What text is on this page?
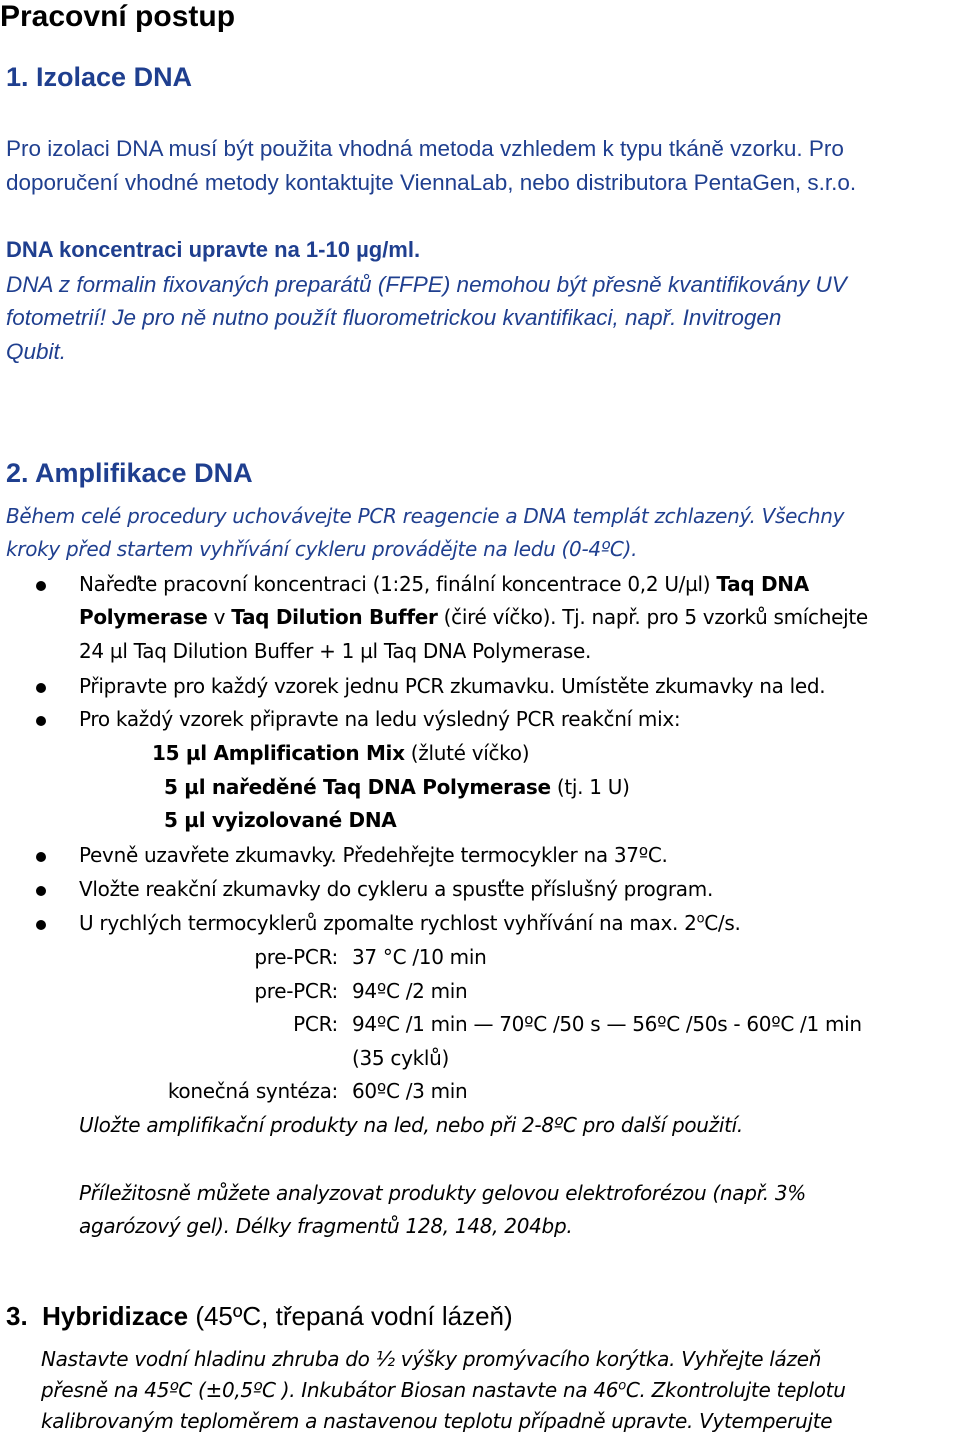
Pracovní postup
1. Izolace DNA
Pro izolaci DNA musí být použita vhodná metoda vzhledem k typu tkáně vzorku. Pro
doporučení vhodné metody kontaktujte ViennaLab, nebo distributora PentaGen, s.r.o.
DNA koncentraci upravte na 1-10 µg/ml.
DNA z formalin fixovaných preparátů (FFPE) nemohou být přesně kvantifikovány UV
fotometrií! Je pro ně nutno použít fluorometrickou kvantifikaci, např. Invitrogen
Qubit.
2. Amplifikace DNA
Během celé procedury uchovávejte PCR reagencie a DNA templát zchlazený. Všechny
kroky před startem vyhřívání cykleru provádějte na ledu (0-4ºC).
Nařeďte pracovní koncentraci (1:25, finální koncentrace 0,2 U/µl) Taq DNA
Polymerase v Taq Dilution Buffer (čiré víčko). Tj. např. pro 5 vzorků smíchejte
24 µl Taq Dilution Buffer + 1 µl Taq DNA Polymerase.
Připravte pro každý vzorek jednu PCR zkumavku. Umístěte zkumavky na led.
Pro každý vzorek připravte na ledu výsledný PCR reakční mix:
15 µl Amplification Mix (žluté víčko)
5 µl naředěné Taq DNA Polymerase (tj. 1 U)
5 µl vyizolované DNA
Pevně uzavřete zkumavky. Předehřejte termocykler na 37ºC.
Vložte reakční zkumavky do cykleru a spusťte příslušný program.
U rychlých termocyklerů zpomalte rychlost vyhřívání na max. 2$^o$C/s.
pre-PCR: 37 °C /10 min
pre-PCR: 94ºC /2 min
PCR: 94ºC /1 min — 70ºC /50 s — 56ºC /50s - 60ºC /1 min
(35 cyklů)
konečná syntéza: 60ºC /3 min
Uložte amplifikační produkty na led, nebo při 2-8ºC pro další použití.
Příležitosně můžete analyzovat produkty gelovou elektroforézou (např. 3%
agarózový gel). Délky fragmentů 128, 148, 204bp.
3. Hybridizace (45ºC, třepaná vodní lázeň)
Nastavte vodní hladinu zhruba do ½ výšky promývacího korýtka. Vyhřejte lázeň
přesně na 45ºC (±0,5ºC ). Inkubátor Biosan nastavte na 46$^o$C. Zkontrolujte teplotu
kalibrovaným teploměrem a nastavenou teplotu případně upravte. Vytemperujte
